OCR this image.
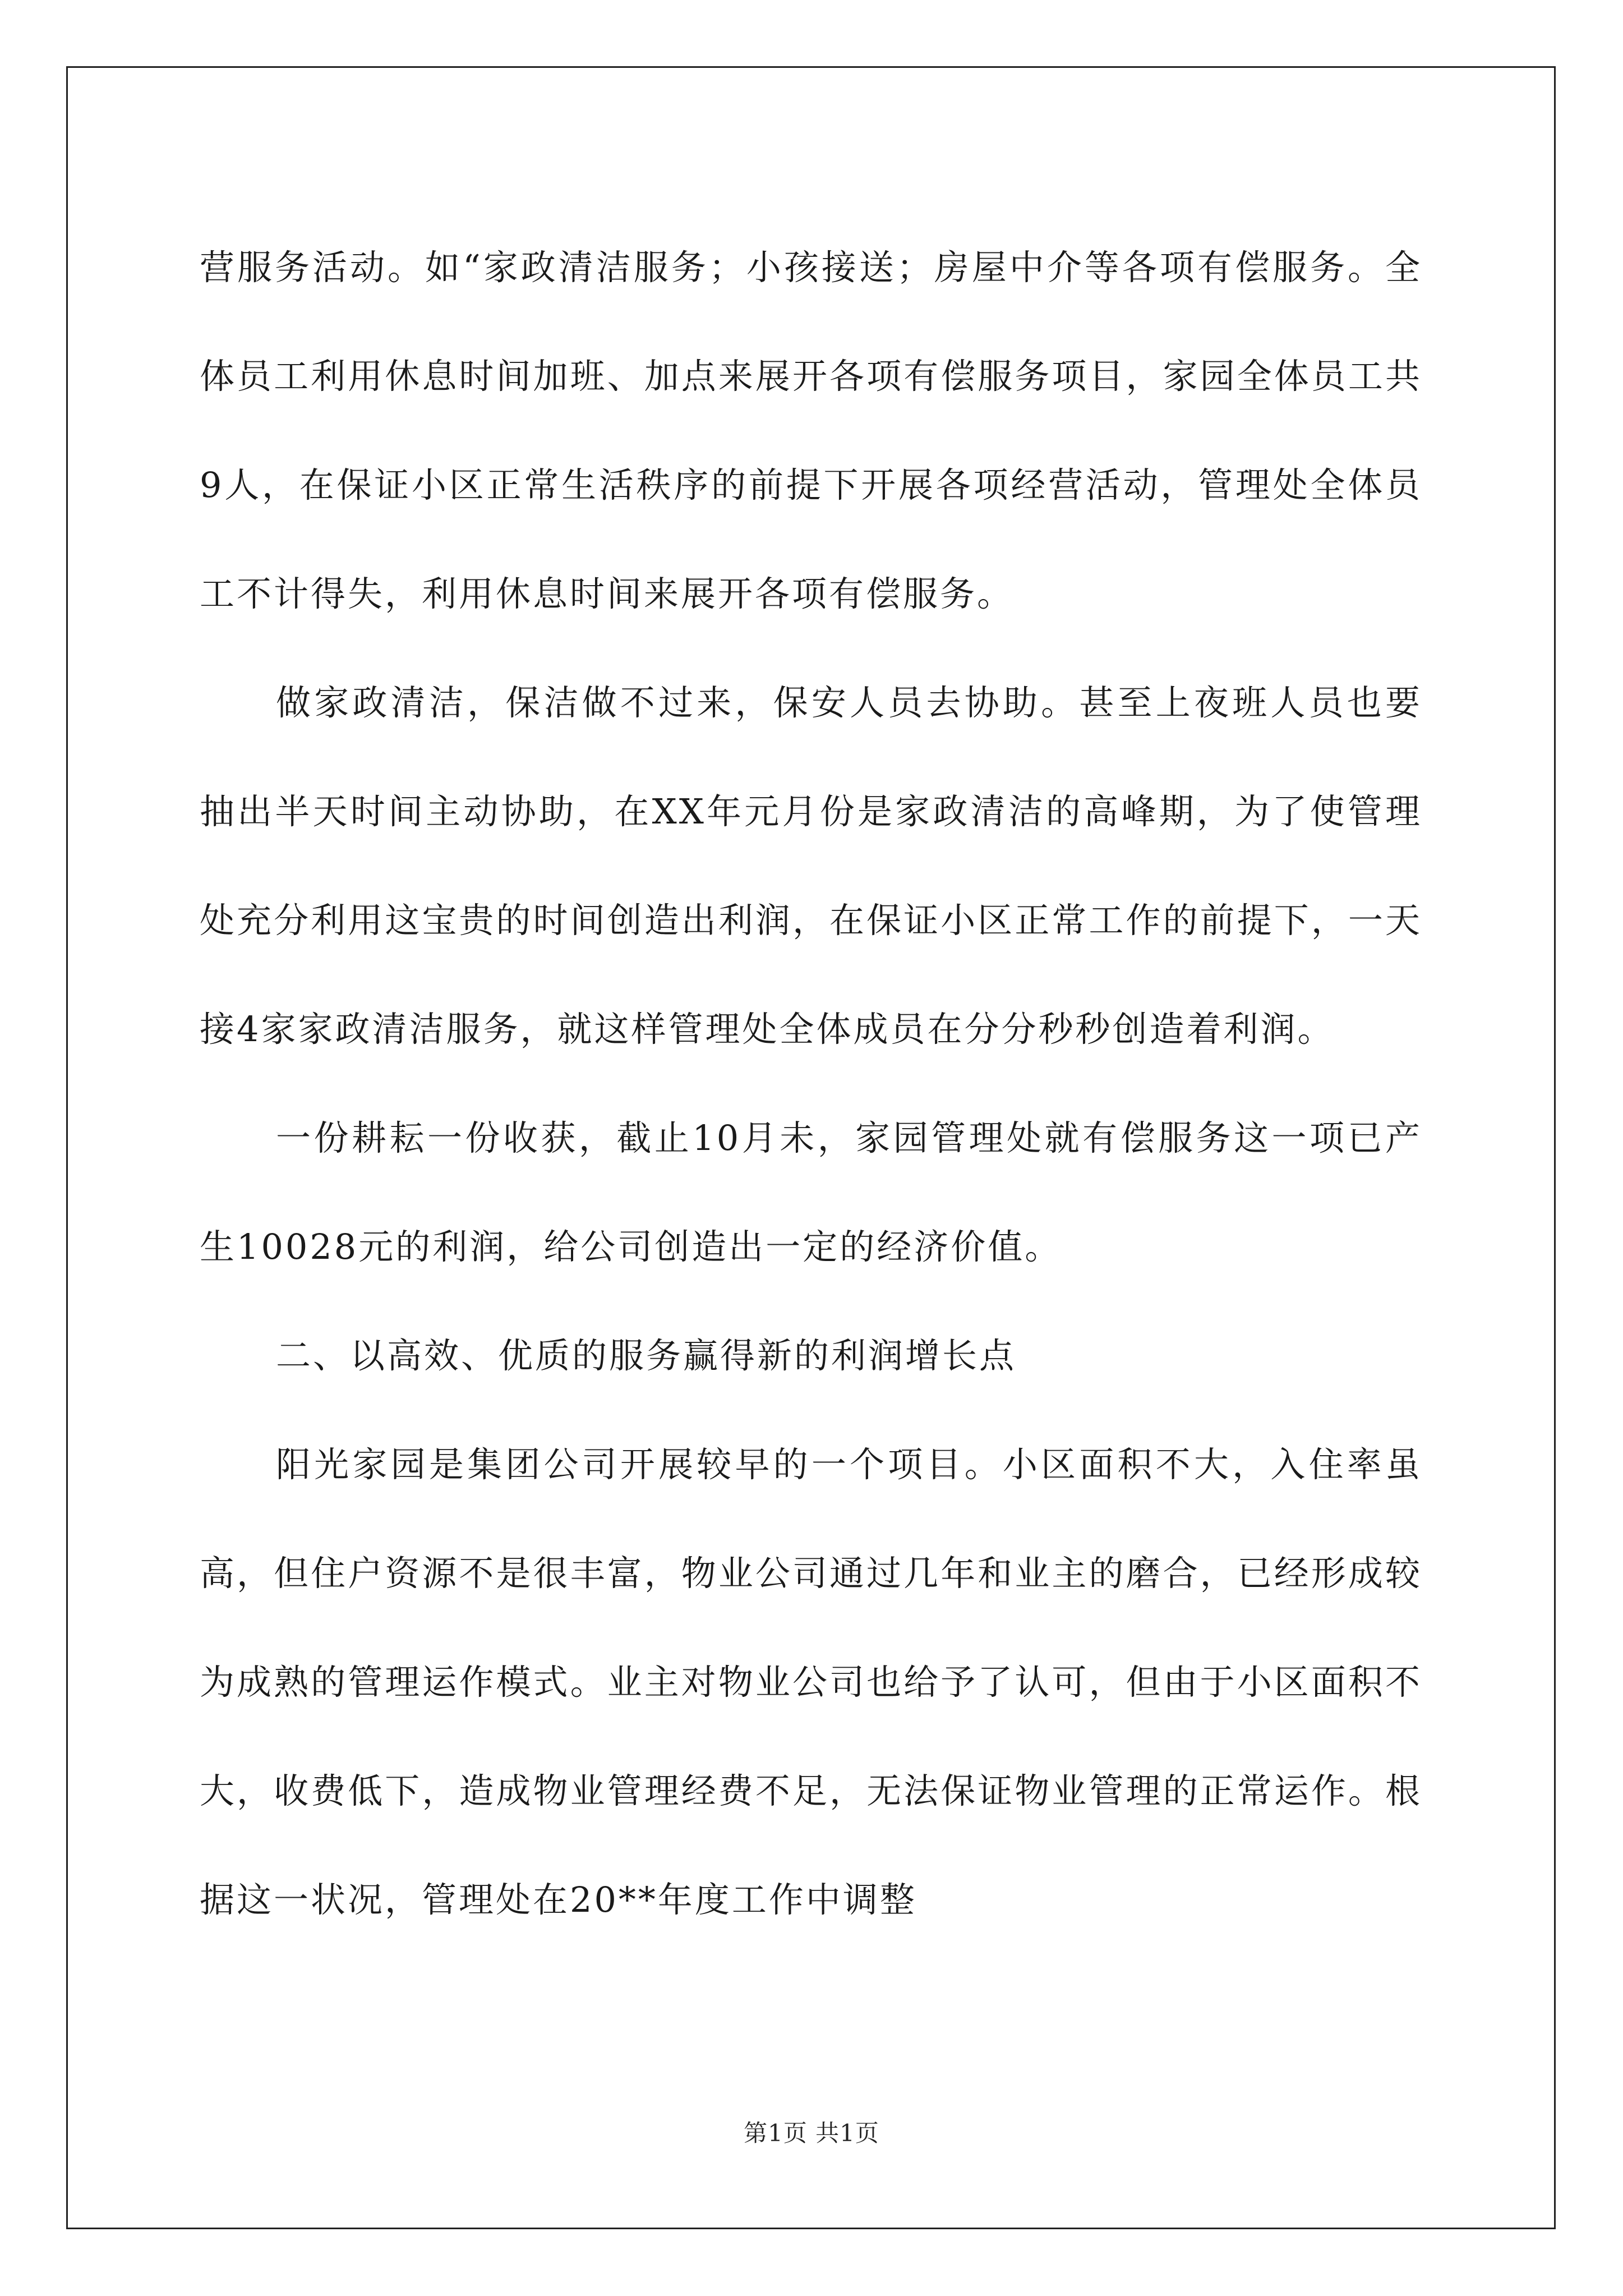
营服务活动。如“家政清洁服务；小孩接送；房屋中介等各项有偿服务。全体员工利用休息时间加班、加点来展开各项有偿服务项目，家园全体员工共9人，在保证小区正常生活秩序的前提下开展各项经营活动，管理处全体员工不计得失，利用休息时间来展开各项有偿服务。

做家政清洁，保洁做不过来，保安人员去协助。甚至上夜班人员也要抽出半天时间主动协助，在XX年元月份是家政清洁的高峰期，为了使管理处充分利用这宝贵的时间创造出利润，在保证小区正常工作的前提下，一天接4家家政清洁服务，就这样管理处全体成员在分分秒秒创造着利润。

一份耕耘一份收获，截止10月未，家园管理处就有偿服务这一项已产生10028元的利润，给公司创造出一定的经济价值。

二、以高效、优质的服务赢得新的利润增长点

阳光家园是集团公司开展较早的一个项目。小区面积不大，入住率虽高，但住户资源不是很丰富，物业公司通过几年和业主的磨合，已经形成较为成熟的管理运作模式。业主对物业公司也给予了认可，但由于小区面积不大，收费低下，造成物业管理经费不足，无法保证物业管理的正常运作。根据这一状况，管理处在20**年度工作中调整

第1页 共1页
